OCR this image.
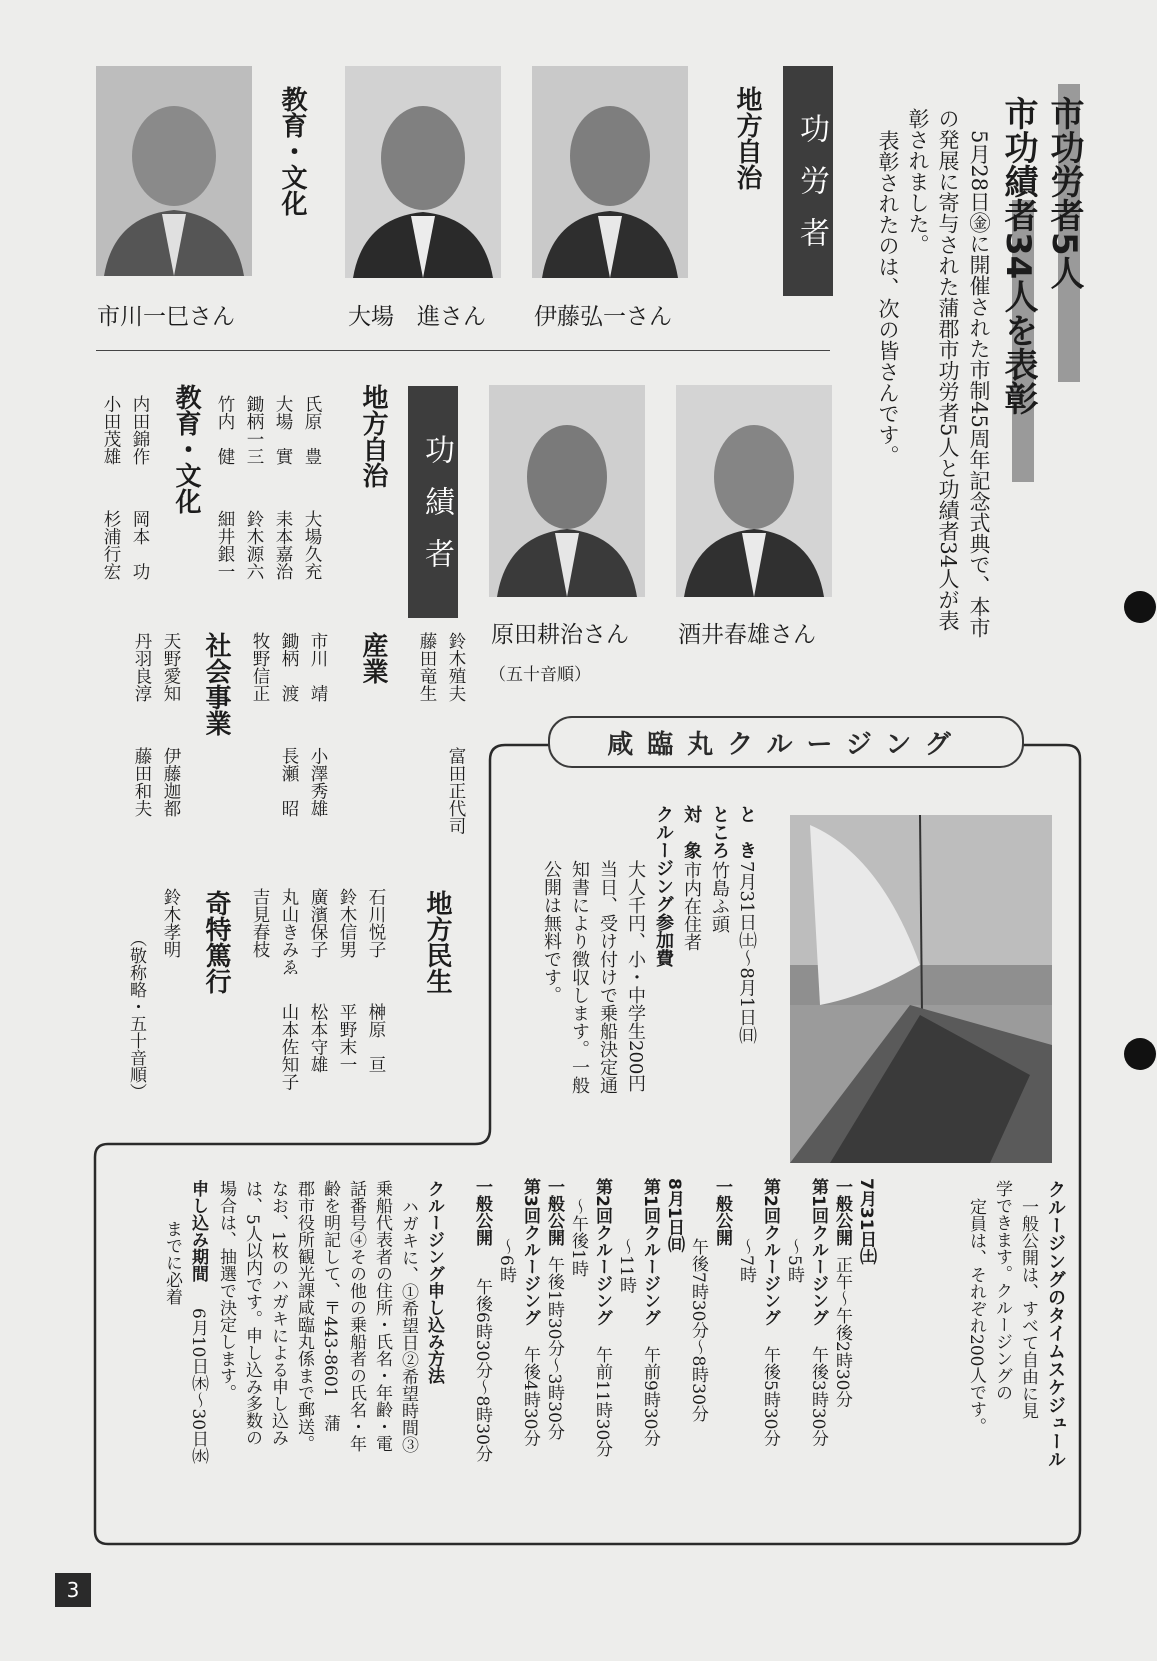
市功労者5人
市功績者34人を表彰
5月28日㊎に開催された市制45周年記念式典で、本市
の発展に寄与された蒲郡市功労者5人と功績者34人が表
彰されました。
表彰されたのは、次の皆さんです。
功労者
地方自治
教育・文化
伊藤弘一さん
大場　進さん
市川一巳さん
酒井春雄さん
原田耕治さん
（五十音順）
功績者
地方自治
氏原　豊大場久充
大場　實耒本嘉治
鋤柄一三鈴木源六
竹内　健細井銀一
教育・文化
内田錦作岡本　功
小田茂雄杉浦行宏
鈴木殖夫富田正代司
藤田竜生
産業
市川　靖小澤秀雄
鋤柄　渡長瀬　昭
牧野信正
社会事業
天野愛知伊藤迦都
丹羽良淳藤田和夫
地方民生
石川悦子榊原　亘
鈴木信男平野末一
廣濱保子松本守雄
丸山きみゑ山本佐知子
吉見春枝
奇特篤行
鈴木孝明
（敬称略・五十音順）
咸臨丸クルージング
と　き7月31日㈯～8月1日㈰
ところ竹島ふ頭
対　象市内在住者
クルージング参加費
大人千円、小・中学生200円
当日、受け付けで乗船決定通
知書により徴収します。一般
公開は無料です。
クルージングのタイムスケジュール
一般公開は、すべて自由に見
学できます。クルージングの
定員は、それぞれ200人です。
7月31日㈯
一般公開正午～午後2時30分
第1回クルージング午後3時30分
～5時
第2回クルージング午後5時30分
～7時
一般公開
午後7時30分～8時30分
8月1日㈰
第1回クルージング午前9時30分
～11時
第2回クルージング午前11時30分
～午後1時
一般公開午後1時30分～3時30分
第3回クルージング午後4時30分
～6時
一般公開午後6時30分～8時30分
クルージング申し込み方法
ハガキに、①希望日②希望時間③
乗船代表者の住所・氏名・年齢・電
話番号④その他の乗船者の氏名・年
齢を明記して、〒443-8601　蒲
郡市役所観光課咸臨丸係まで郵送。
なお、1枚のハガキによる申し込み
は、5人以内です。申し込み多数の
場合は、抽選で決定します。
申し込み期間6月10日㈭～30日㈬
までに必着
3
